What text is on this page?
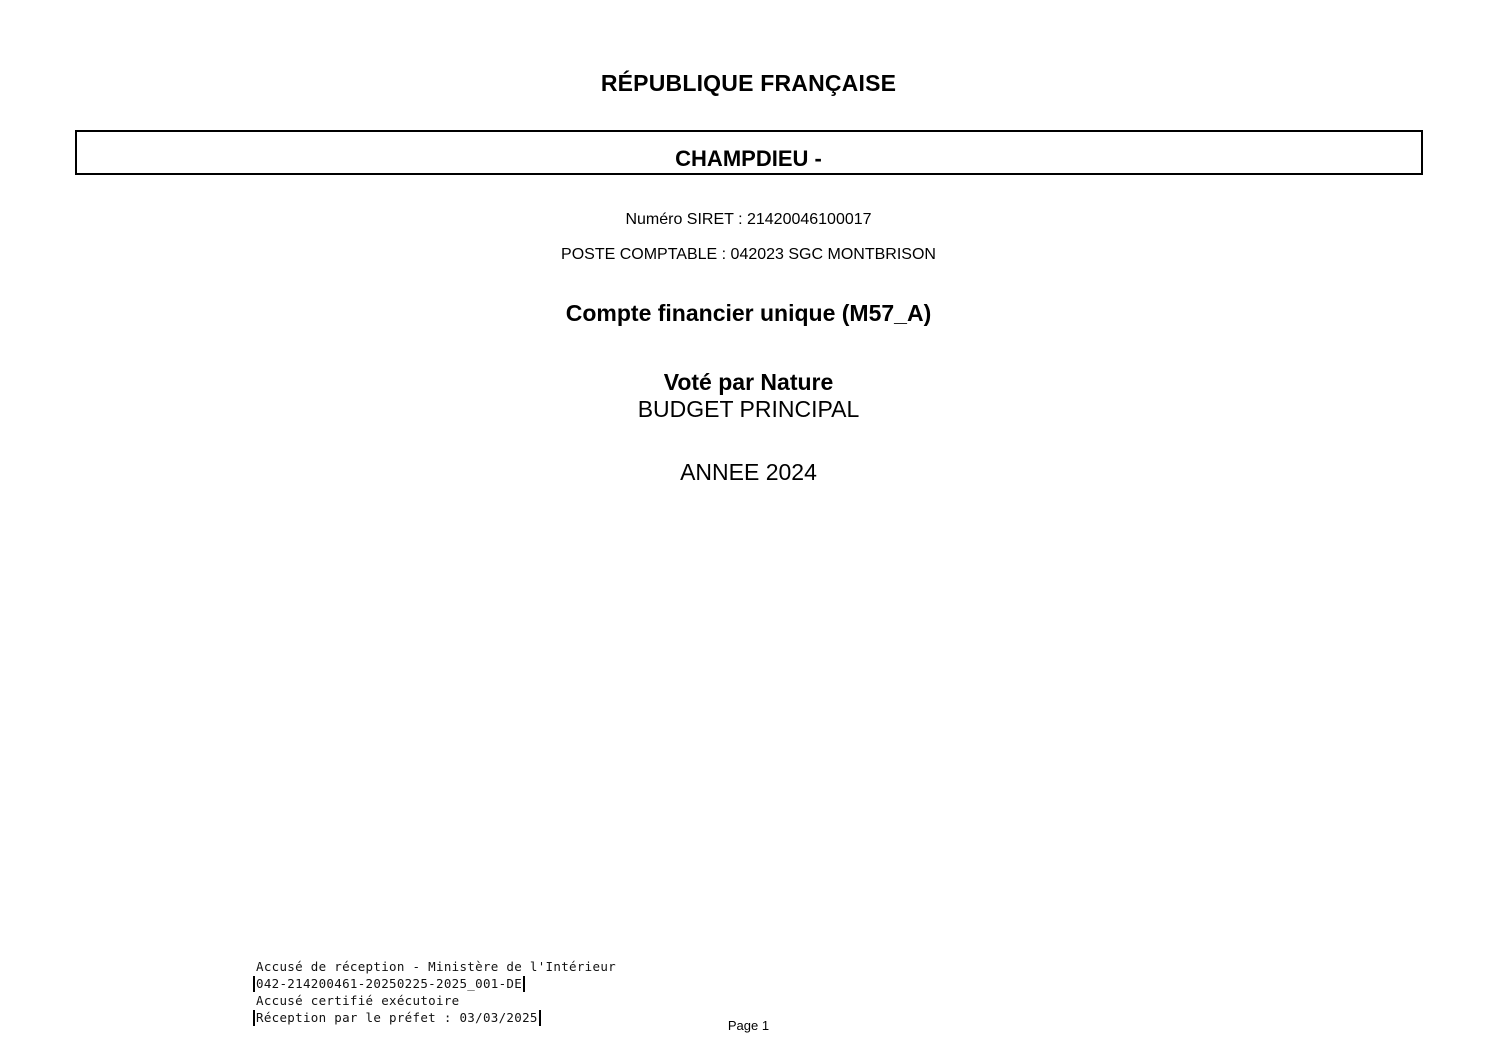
RÉPUBLIQUE FRANÇAISE
CHAMPDIEU -
Numéro SIRET : 21420046100017
POSTE COMPTABLE : 042023 SGC MONTBRISON
Compte financier unique (M57_A)
Voté par Nature
BUDGET PRINCIPAL
ANNEE 2024
Accusé de réception - Ministère de l'Intérieur
042-214200461-20250225-2025_001-DE
Accusé certifié exécutoire
Réception par le préfet : 03/03/2025
Page 1
